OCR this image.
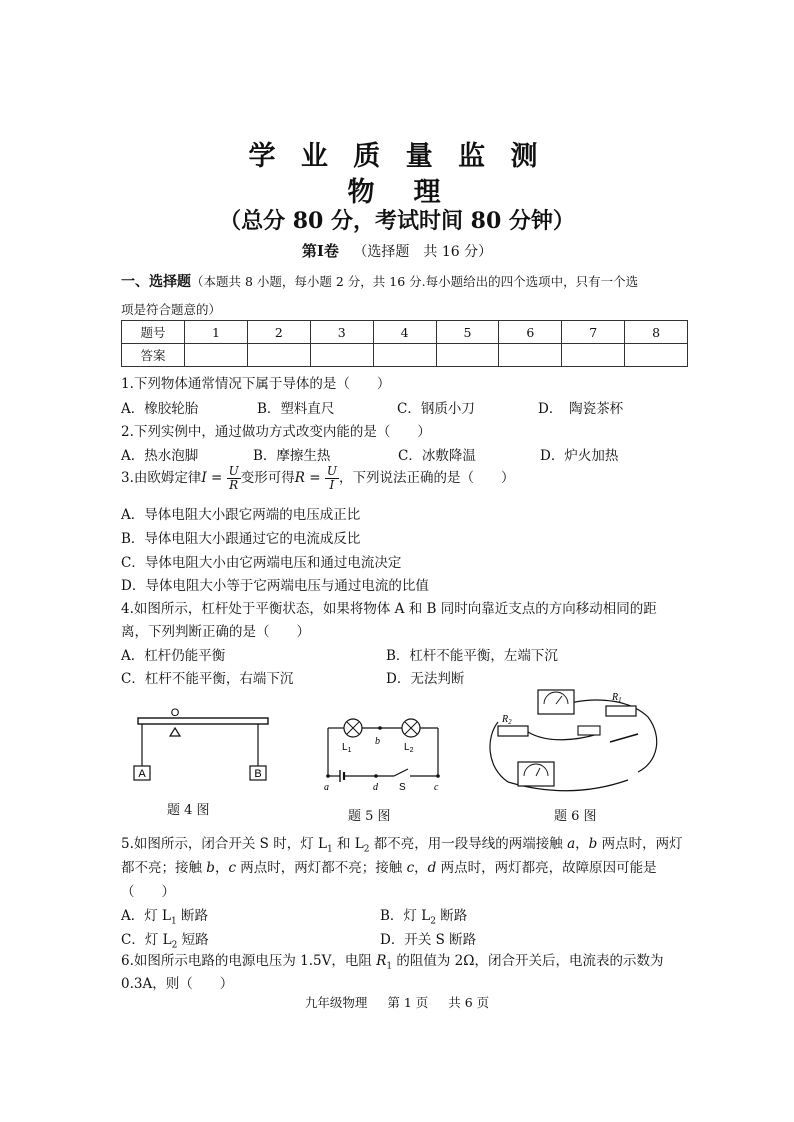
学 业 质 量 监 测
物　理
（总分 80 分，考试时间 80 分钟）
第Ⅰ卷 （选择题　共 16 分）
一、选择题（本题共 8 小题，每小题 2 分，共 16 分.每小题给出的四个选项中，只有一个选
项是符合题意的）
题号	1	2	3	4	5	6	7	8
答案								
1.下列物体通常情况下属于导体的是（　　）
A．橡胶轮胎	B．塑料直尺	C．钢质小刀	D．　陶瓷茶杯
2.下列实例中，通过做功方式改变内能的是（　　）
A．热水泡脚	B．摩擦生热	C．冰敷降温	D．炉火加热
3.由欧姆定律$I = \frac{U}{R}$ 变形可得$R = \frac{U}{I}$ ，下列说法正确的是（　　）
A．导体电阻大小跟它两端的电压成正比
B．导体电阻大小跟通过它的电流成反比
C．导体电阻大小由它两端电压和通过电流决定
D．导体电阻大小等于它两端电压与通过电流的比值
4.如图所示，杠杆处于平衡状态，如果将物体 A 和 B 同时向靠近支点的方向移动相同的距
离，下列判断正确的是（　　）
A．杠杆仍能平衡	B．杠杆不能平衡，左端下沉
C．杠杆不能平衡，右端下沉	D．无法判断
O
A	B
题 4 图
$L_1$	$L_2$
b
a	d S	c
题 5 图
$R_1$
$R_2$
题 6 图
5.如图所示，闭合开关 S 时，灯 $L_1$ 和 $L_2$ 都不亮，用一段导线的两端接触 a，b 两点时，两灯
都不亮；接触 b，c 两点时，两灯都不亮；接触 c，d 两点时，两灯都亮，故障原因可能是
（　　）
A．灯 $L_1$ 断路	B．灯 $L_2$ 断路
C．灯 $L_2$ 短路	D．开关 S 断路
6.如图所示电路的电源电压为 1.5V，电阻 $R_1$ 的阻值为 2Ω，闭合开关后，电流表的示数为
0.3A，则（　　）
九年级物理 第 1 页 共 6 页
